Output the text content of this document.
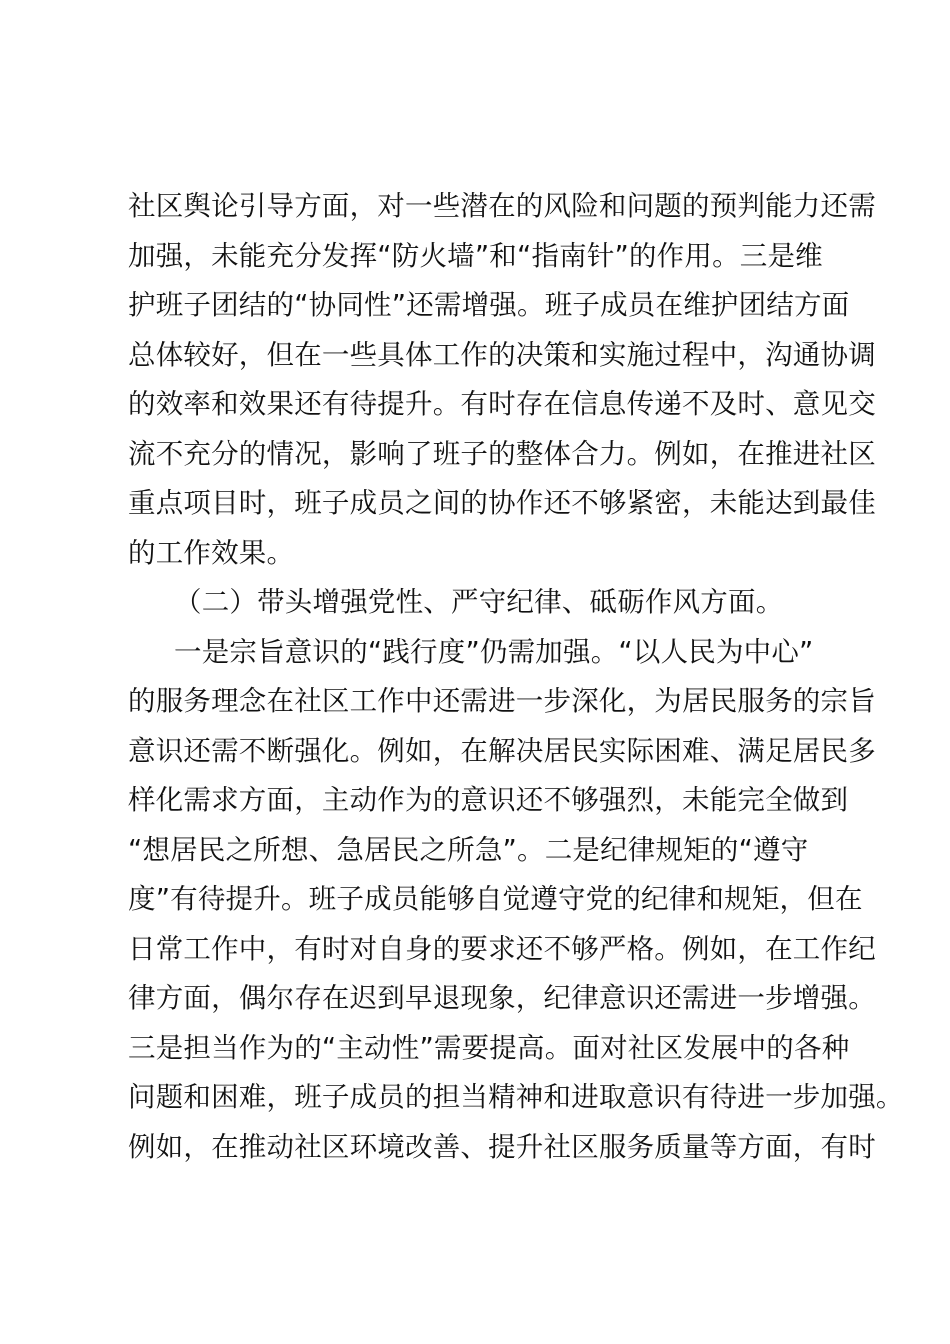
社区舆论引导方面，对一些潜在的风险和问题的预判能力还需
加强，未能充分发挥“防火墙”和“指南针”的作用。三是维
护班子团结的“协同性”还需增强。班子成员在维护团结方面
总体较好，但在一些具体工作的决策和实施过程中，沟通协调
的效率和效果还有待提升。有时存在信息传递不及时、意见交
流不充分的情况，影响了班子的整体合力。例如，在推进社区
重点项目时，班子成员之间的协作还不够紧密，未能达到最佳
的工作效果。
（二）带头增强党性、严守纪律、砥砺作风方面。
一是宗旨意识的“践行度”仍需加强。“以人民为中心”
的服务理念在社区工作中还需进一步深化，为居民服务的宗旨
意识还需不断强化。例如，在解决居民实际困难、满足居民多
样化需求方面，主动作为的意识还不够强烈，未能完全做到
“想居民之所想、急居民之所急”。二是纪律规矩的“遵守
度”有待提升。班子成员能够自觉遵守党的纪律和规矩，但在
日常工作中，有时对自身的要求还不够严格。例如，在工作纪
律方面，偶尔存在迟到早退现象，纪律意识还需进一步增强。
三是担当作为的“主动性”需要提高。面对社区发展中的各种
问题和困难，班子成员的担当精神和进取意识有待进一步加强。
例如，在推动社区环境改善、提升社区服务质量等方面，有时
